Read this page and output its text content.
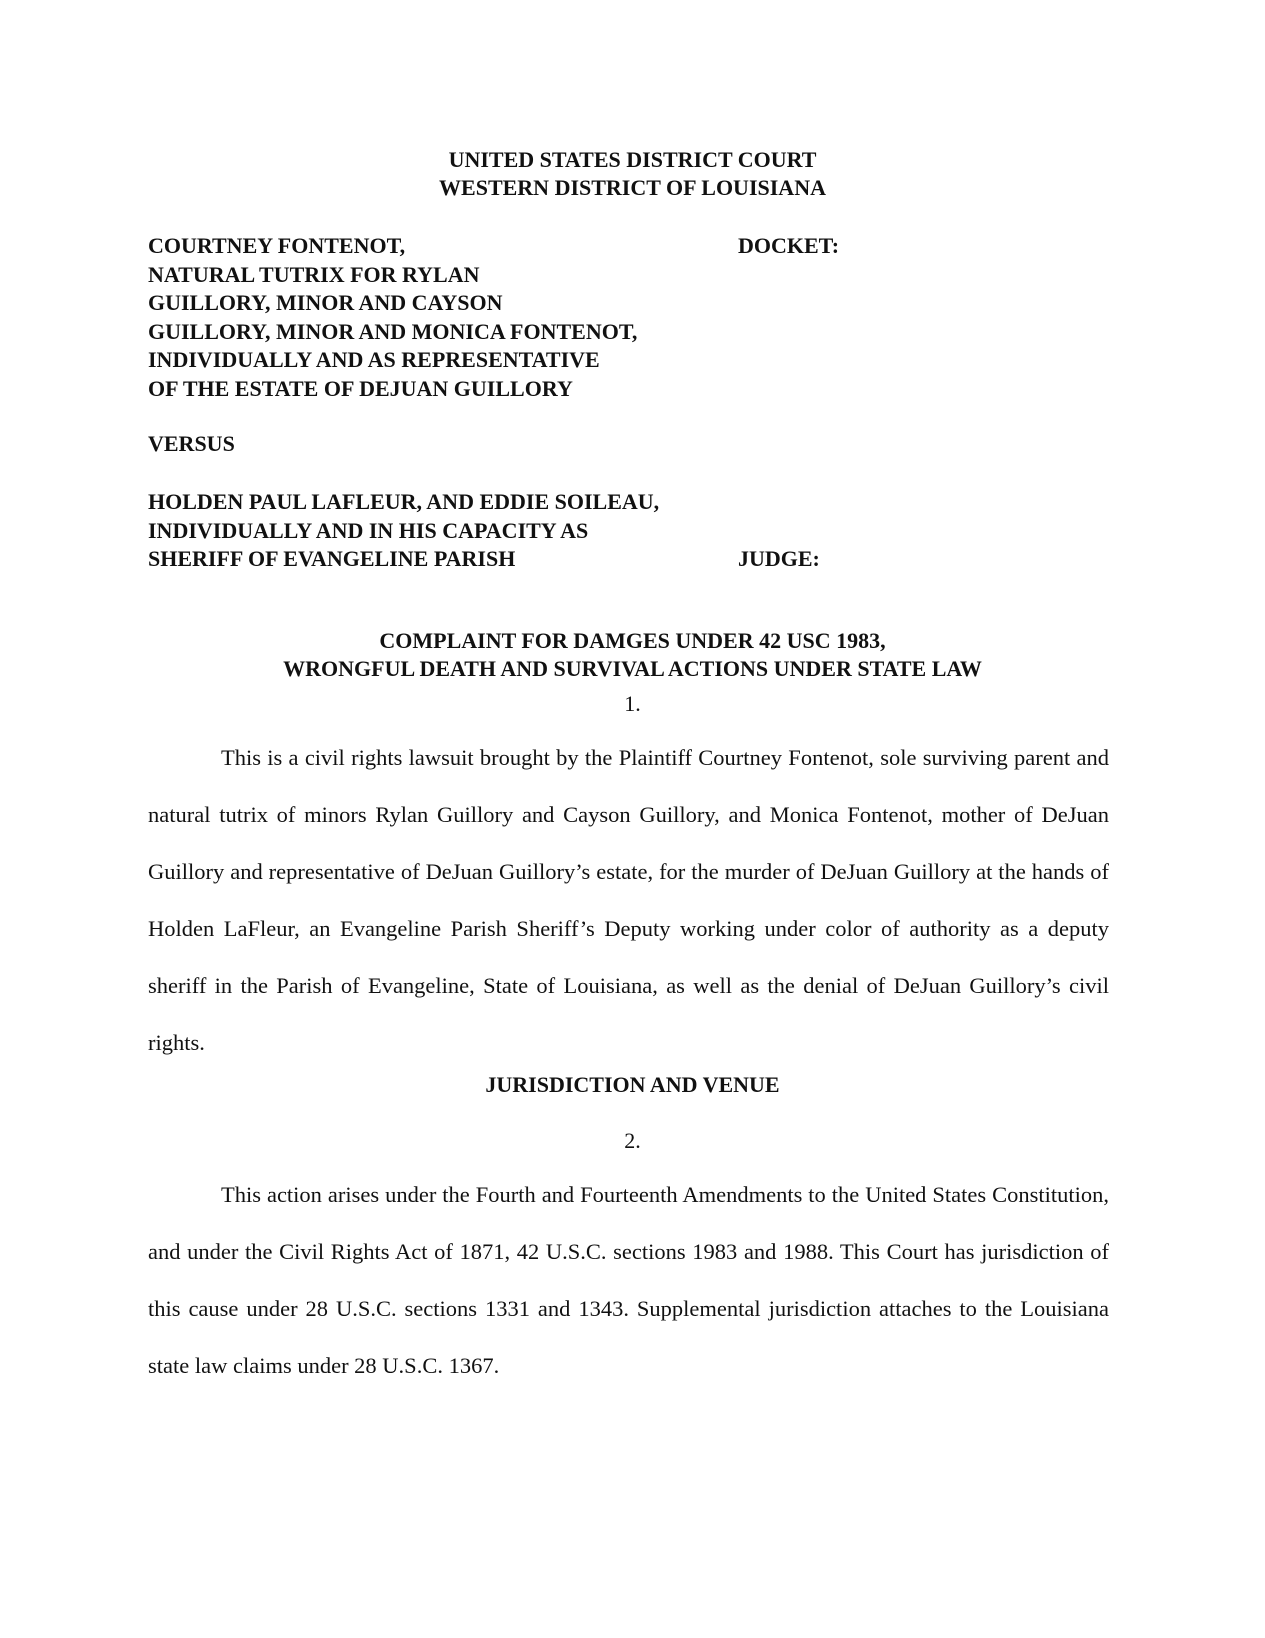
UNITED STATES DISTRICT COURT
WESTERN DISTRICT OF LOUISIANA
COURTNEY FONTENOT,
NATURAL TUTRIX FOR RYLAN
GUILLORY, MINOR AND CAYSON
GUILLORY, MINOR AND MONICA FONTENOT,
INDIVIDUALLY AND AS REPRESENTATIVE
OF THE ESTATE OF DEJUAN GUILLORY
DOCKET:
VERSUS
HOLDEN PAUL LAFLEUR, AND EDDIE SOILEAU,
INDIVIDUALLY AND IN HIS CAPACITY AS
SHERIFF OF EVANGELINE PARISH	JUDGE:
COMPLAINT FOR DAMGES UNDER 42 USC 1983,
WRONGFUL DEATH AND SURVIVAL ACTIONS UNDER STATE LAW
1.
This is a civil rights lawsuit brought by the Plaintiff Courtney Fontenot, sole surviving parent and natural tutrix of minors Rylan Guillory and Cayson Guillory, and Monica Fontenot, mother of DeJuan Guillory and representative of DeJuan Guillory’s estate, for the murder of DeJuan Guillory at the hands of Holden LaFleur, an Evangeline Parish Sheriff’s Deputy working under color of authority as a deputy sheriff in the Parish of Evangeline, State of Louisiana, as well as the denial of DeJuan Guillory’s civil rights.
JURISDICTION AND VENUE
2.
This action arises under the Fourth and Fourteenth Amendments to the United States Constitution, and under the Civil Rights Act of 1871, 42 U.S.C. sections 1983 and 1988. This Court has jurisdiction of this cause under 28 U.S.C. sections 1331 and 1343. Supplemental jurisdiction attaches to the Louisiana state law claims under 28 U.S.C. 1367.
